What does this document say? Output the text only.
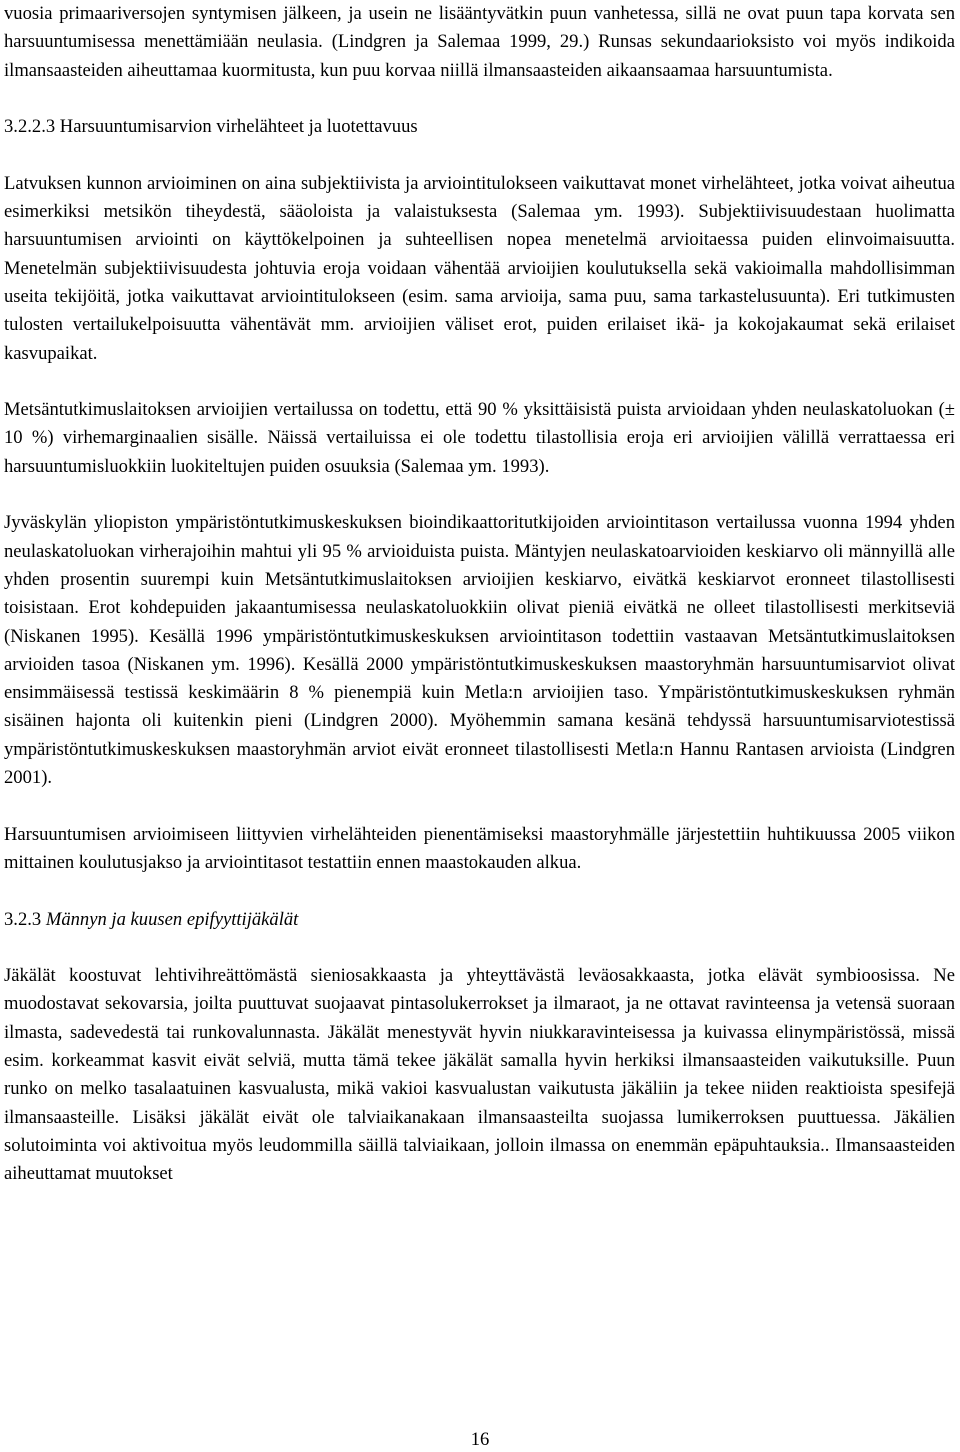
vuosia primaariversojen syntymisen jälkeen, ja usein ne lisääntyvätkin puun vanhetessa, sillä ne ovat puun tapa korvata sen harsuuntumisessa menettämiään neulasia. (Lindgren ja Salemaa 1999, 29.) Runsas sekundaarioksisto voi myös indikoida ilmansaasteiden aiheuttamaa kuormitusta, kun puu korvaa niillä ilmansaasteiden aikaansaamaa harsuuntumista.

3.2.2.3 Harsuuntumisarvion virhelähteet ja luotettavuus

Latvuksen kunnon arvioiminen on aina subjektiivista ja arviointitulokseen vaikuttavat monet virhelähteet, jotka voivat aiheutua esimerkiksi metsikön tiheydestä, sääoloista ja valaistuksesta (Salemaa ym. 1993). Subjektiivisuudestaan huolimatta harsuuntumisen arviointi on käyttökelpoinen ja suhteellisen nopea menetelmä arvioitaessa puiden elinvoimaisuutta. Menetelmän subjektiivisuudesta johtuvia eroja voidaan vähentää arvioijien koulutuksella sekä vakioimalla mahdollisimman useita tekijöitä, jotka vaikuttavat arviointitulokseen (esim. sama arvioija, sama puu, sama tarkastelusuunta). Eri tutkimusten tulosten vertailukelpoisuutta vähentävät mm. arvioijien väliset erot, puiden erilaiset ikä- ja kokojakaumat sekä erilaiset kasvupaikat.

Metsäntutkimuslaitoksen arvioijien vertailussa on todettu, että 90 % yksittäisistä puista arvioidaan yhden neulaskatoluokan (± 10 %) virhemarginaalien sisälle. Näissä vertailuissa ei ole todettu tilastollisia eroja eri arvioijien välillä verrattaessa eri harsuuntumisluokkiin luokiteltujen puiden osuuksia (Salemaa ym. 1993).

Jyväskylän yliopiston ympäristöntutkimuskeskuksen bioindikaattoritutkijoiden arviointitason vertailussa vuonna 1994 yhden neulaskatoluokan virherajoihin mahtui yli 95 % arvioiduista puista. Mäntyjen neulaskatoarvioiden keskiarvo oli männyillä alle yhden prosentin suurempi kuin Metsäntutkimuslaitoksen arvioijien keskiarvo, eivätkä keskiarvot eronneet tilastollisesti toisistaan. Erot kohdepuiden jakaantumisessa neulaskatoluokkiin olivat pieniä eivätkä ne olleet tilastollisesti merkitseviä (Niskanen 1995). Kesällä 1996 ympäristöntutkimuskeskuksen arviointitason todettiin vastaavan Metsäntutkimuslaitoksen arvioiden tasoa (Niskanen ym. 1996). Kesällä 2000 ympäristöntutkimuskeskuksen maastoryhmän harsuuntumisarviot olivat ensimmäisessä testissä keskimäärin 8 % pienempiä kuin Metla:n arvioijien taso. Ympäristöntutkimuskeskuksen ryhmän sisäinen hajonta oli kuitenkin pieni (Lindgren 2000). Myöhemmin samana kesänä tehdyssä harsuuntumisarviotestissä ympäristöntutkimuskeskuksen maastoryhmän arviot eivät eronneet tilastollisesti Metla:n Hannu Rantasen arvioista (Lindgren 2001).

Harsuuntumisen arvioimiseen liittyvien virhelähteiden pienentämiseksi maastoryhmälle järjestettiin huhtikuussa 2005 viikon mittainen koulutusjakso ja arviointitasot testattiin ennen maastokauden alkua.

3.2.3 Männyn ja kuusen epifyyttijäkälät

Jäkälät koostuvat lehtivihreättömästä sieniosakkaasta ja yhteyttävästä leväosakkaasta, jotka elävät symbioosissa. Ne muodostavat sekovarsia, joilta puuttuvat suojaavat pintasolukerrokset ja ilmaraot, ja ne ottavat ravinteensa ja vetensä suoraan ilmasta, sadevedestä tai runkovalunnasta. Jäkälät menestyvät hyvin niukkaravinteisessa ja kuivassa elinympäristössä, missä esim. korkeammat kasvit eivät selviä, mutta tämä tekee jäkälät samalla hyvin herkiksi ilmansaasteiden vaikutuksille. Puun runko on melko tasalaatuinen kasvualusta, mikä vakioi kasvualustan vaikutusta jäkäliin ja tekee niiden reaktioista spesifejä ilmansaasteille. Lisäksi jäkälät eivät ole talviaikanakaan ilmansaasteilta suojassa lumikerroksen puuttuessa. Jäkälien solutoiminta voi aktivoitua myös leudommilla säillä talviaikaan, jolloin ilmassa on enemmän epäpuhtauksia.. Ilmansaasteiden aiheuttamat muutokset

16
